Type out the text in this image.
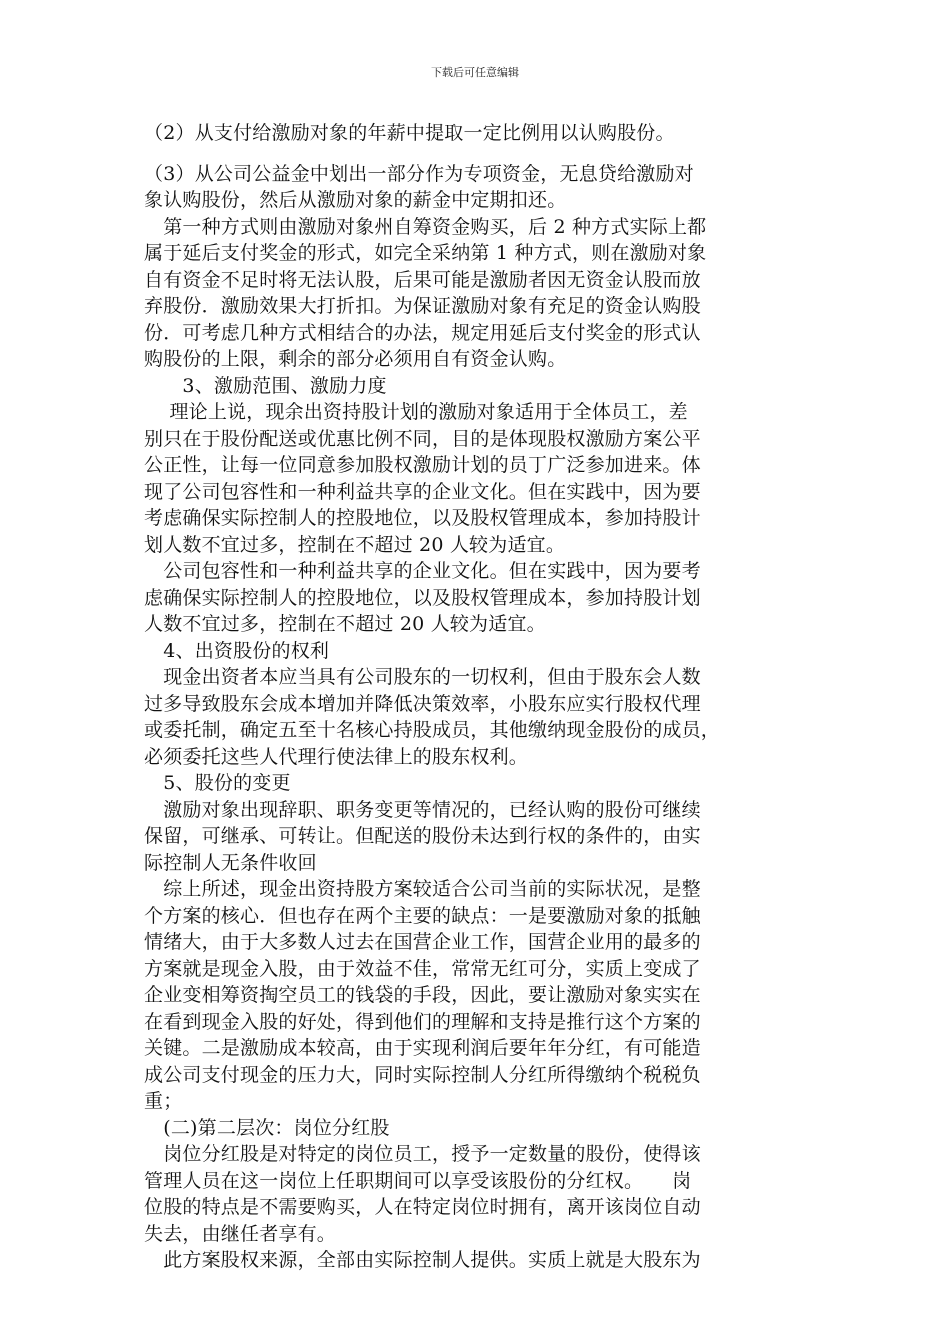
下载后可任意编辑
（2）从支付给激励对象的年薪中提取一定比例用以认购股份。
（3）从公司公益金中划出一部分作为专项资金，无息贷给激励对
象认购股份，然后从激励对象的薪金中定期扣还。
　第一种方式则由激励对象州自筹资金购买，后 2 种方式实际上都
属于延后支付奖金的形式，如完全采纳第 1 种方式，则在激励对象
自有资金不足时将无法认股，后果可能是激励者因无资金认股而放
弃股份．激励效果大打折扣。为保证激励对象有充足的资金认购股
份．可考虑几种方式相结合的办法，规定用延后支付奖金的形式认
购股份的上限，剩余的部分必须用自有资金认购。
　　3、激励范围、激励力度
　 理论上说，现余出资持股计划的激励对象适用于全体员工，差
别只在于股份配送或优惠比例不同，目的是体现股权激励方案公平
公正性，让每一位同意参加股权激励计划的员丁广泛参加进来。体
现了公司包容性和一种利益共享的企业文化。但在实践中，因为要
考虑确保实际控制人的控股地位，以及股权管理成本，参加持股计
划人数不宜过多，控制在不超过 20 人较为适宜。
　公司包容性和一种利益共享的企业文化。但在实践中，因为要考
虑确保实际控制人的控股地位，以及股权管理成本，参加持股计划
人数不宜过多，控制在不超过 20 人较为适宜。
　4、出资股份的权利
　现金出资者本应当具有公司股东的一切权利，但由于股东会人数
过多导致股东会成本增加并降低决策效率，小股东应实行股权代理
或委托制，确定五至十名核心持股成员，其他缴纳现金股份的成员，
必须委托这些人代理行使法律上的股东权利。
　5、股份的变更
　激励对象出现辞职、职务变更等情况的，已经认购的股份可继续
保留，可继承、可转让。但配送的股份未达到行权的条件的，由实
际控制人无条件收回
　综上所述，现金出资持股方案较适合公司当前的实际状况，是整
个方案的核心．但也存在两个主要的缺点：一是要激励对象的抵触
情绪大，由于大多数人过去在国营企业工作，国营企业用的最多的
方案就是现金入股，由于效益不佳，常常无红可分，实质上变成了
企业变相筹资掏空员工的钱袋的手段，因此，要让激励对象实实在
在看到现金入股的好处，得到他们的理解和支持是推行这个方案的
关键。二是激励成本较高，由于实现利润后要年年分红，有可能造
成公司支付现金的压力大，同时实际控制人分红所得缴纳个税税负
重；
　(二)第二层次：岗位分红股
　岗位分红股是对特定的岗位员工，授予一定数量的股份，使得该
管理人员在这一岗位上任职期间可以享受该股份的分红权。　　岗
位股的特点是不需要购买，人在特定岗位时拥有，离开该岗位自动
失去，由继任者享有。
　此方案股权来源，全部由实际控制人提供。实质上就是大股东为
